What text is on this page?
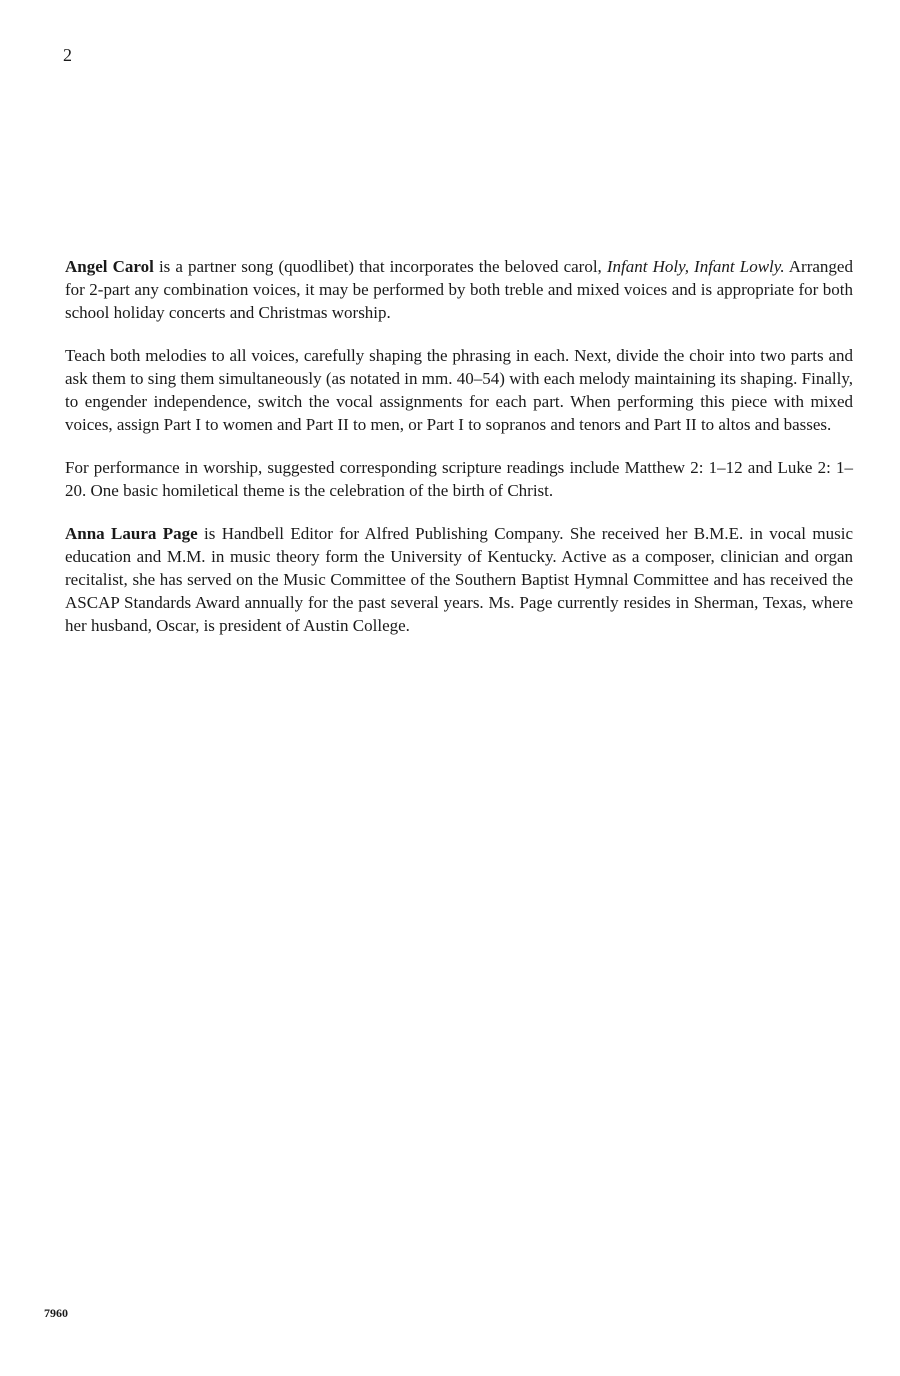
2

Angel Carol is a partner song (quodlibet) that incorporates the beloved carol, Infant Holy, Infant Lowly. Arranged for 2-part any combination voices, it may be performed by both treble and mixed voices and is appropriate for both school holiday concerts and Christmas worship.

Teach both melodies to all voices, carefully shaping the phrasing in each. Next, divide the choir into two parts and ask them to sing them simultaneously (as notated in mm. 40–54) with each melody maintaining its shaping. Finally, to engender independence, switch the vocal assignments for each part. When performing this piece with mixed voices, assign Part I to women and Part II to men, or Part I to sopranos and tenors and Part II to altos and basses.

For performance in worship, suggested corresponding scripture readings include Matthew 2: 1–12 and Luke 2: 1–20. One basic homiletical theme is the celebration of the birth of Christ.

Anna Laura Page is Handbell Editor for Alfred Publishing Company. She received her B.M.E. in vocal music education and M.M. in music theory form the University of Kentucky. Active as a composer, clinician and organ recitalist, she has served on the Music Committee of the Southern Baptist Hymnal Committee and has received the ASCAP Standards Award annually for the past several years. Ms. Page currently resides in Sherman, Texas, where her husband, Oscar, is president of Austin College.

7960
